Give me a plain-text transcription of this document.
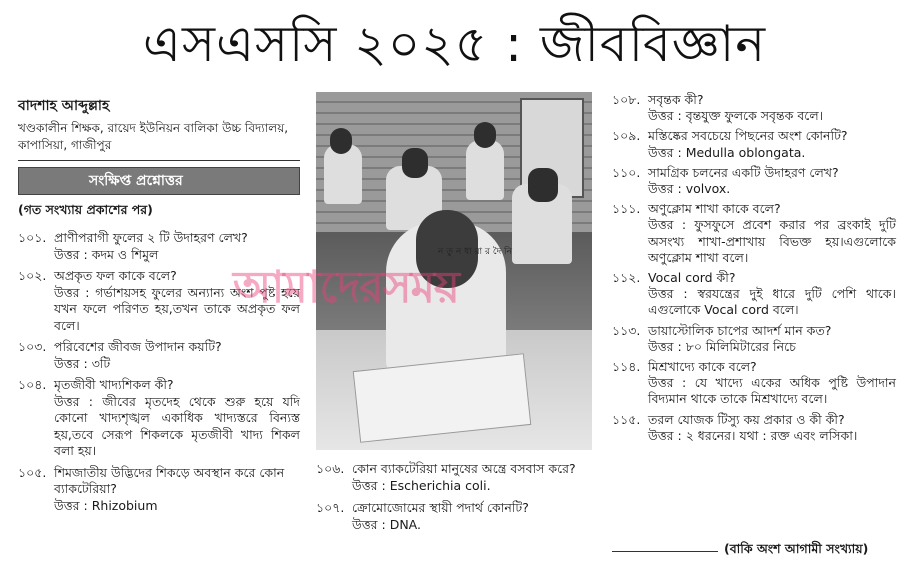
এসএসসি ২০২৫ : জীববিজ্ঞান
বাদশাহ আব্দুল্লাহ
খণ্ডকালীন শিক্ষক, রায়েদ ইউনিয়ন বালিকা উচ্চ বিদ্যালয়, কাপাসিয়া, গাজীপুর
সংক্ষিপ্ত প্রশ্নোত্তর
(গত সংখ্যায় প্রকাশের পর)
১০১. প্রাণীপরাগী ফুলের ২ টি উদাহরণ লেখ?
উত্তর : কদম ও শিমুল
১০২. অপ্রকৃত ফল কাকে বলে?
উত্তর : গর্ভাশয়সহ ফুলের অন্যান্য অংশ পুষ্ট হয়ে যখন ফলে পরিণত হয়,তখন তাকে অপ্রকৃত ফল বলে।
১০৩. পরিবেশের জীবজ উপাদান কয়টি?
উত্তর : ৩টি
১০৪. মৃতজীবী খাদ্যশিকল কী?
উত্তর : জীবের মৃতদেহ থেকে শুরু হয়ে যদি কোনো খাদ্যশৃঙ্খল একাধিক খাদ্যস্তরে বিন্যস্ত হয়,তবে সেরূপ শিকলকে মৃতজীবী খাদ্য শিকল বলা হয়।
১০৫. শিমজাতীয় উদ্ভিদের শিকড়ে অবস্থান করে কোন ব্যাকটেরিয়া?
উত্তর : Rhizobium
ন তু ন ধা রা র দৈ নি
১০৬. কোন ব্যাকটেরিয়া মানুষের অন্ত্রে বসবাস করে?
উত্তর : Escherichia coli.
১০৭. ক্রোমোজোমের স্থায়ী পদার্থ কোনটি?
উত্তর : DNA.
১০৮. সবৃন্তক কী?
উত্তর : বৃন্তযুক্ত ফুলকে সবৃন্তক বলে।
১০৯. মস্তিষ্কের সবচেয়ে পিছনের অংশ কোনটি?
উত্তর : Medulla oblongata.
১১০. সামগ্রিক চলনের একটি উদাহরণ লেখ?
উত্তর : volvox.
১১১. অণুক্লোম শাখা কাকে বলে?
উত্তর : ফুসফুসে প্রবেশ করার পর ব্রংকাই দুটি অসংখ্য শাখা-প্রশাখায় বিভক্ত হয়।এগুলোকে অণুক্লোম শাখা বলে।
১১২. Vocal cord কী?
উত্তর : স্বরযন্ত্রের দুই ধারে দুটি পেশি থাকে। এগুলোকে Vocal cord বলে।
১১৩. ডায়াস্টোলিক চাপের আদর্শ মান কত?
উত্তর : ৮০ মিলিমিটারের নিচে
১১৪. মিশ্রখাদ্যে কাকে বলে?
উত্তর : যে খাদ্যে একের অধিক পুষ্টি উপাদান বিদ্যমান থাকে তাকে মিশ্রখাদ্যে বলে।
১১৫. তরল যোজক টিস্যু কয় প্রকার ও কী কী?
উত্তর : ২ ধরনের। যথা : রক্ত এবং লসিকা।
(বাকি অংশ আগামী সংখ্যায়)
আমাদেরসময়
